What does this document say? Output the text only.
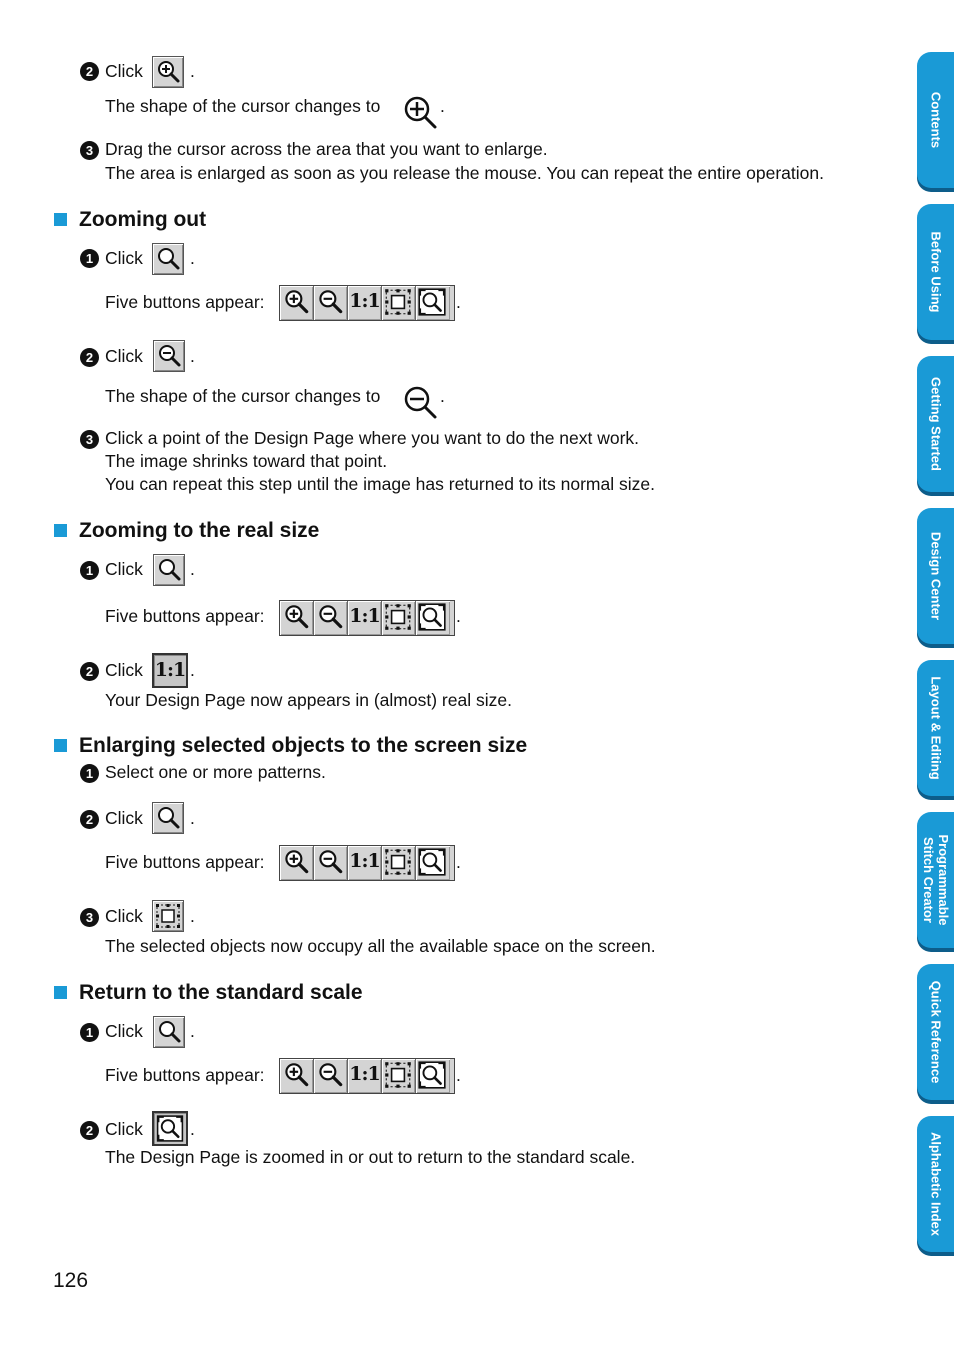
2 Click	.
The shape of the cursor changes to	.
3 Drag the cursor across the area that you want to enlarge.
The area is enlarged as soon as you release the mouse. You can repeat the entire operation.
Zooming out
1 Click	.
Five buttons appear:	1:1	.
2 Click	.
The shape of the cursor changes to	.
3 Click a point of the Design Page where you want to do the next work.
The image shrinks toward that point.
You can repeat this step until the image has returned to its normal size.
Zooming to the real size
1 Click	.
Five buttons appear:	1:1	.
2 Click 1:1 .
Your Design Page now appears in (almost) real size.
Enlarging selected objects to the screen size
1 Select one or more patterns.
2 Click	.
Five buttons appear:	1:1	.
3 Click	.
The selected objects now occupy all the available space on the screen.
Return to the standard scale
1 Click	.
Five buttons appear:	1:1	.
2 Click	.
The Design Page is zoomed in or out to return to the standard scale.
126
Contents
Before Using
Getting Started
Design Center
Layout & Editing
Programmable
Stitch Creator
Quick Reference
Alphabetic Index
